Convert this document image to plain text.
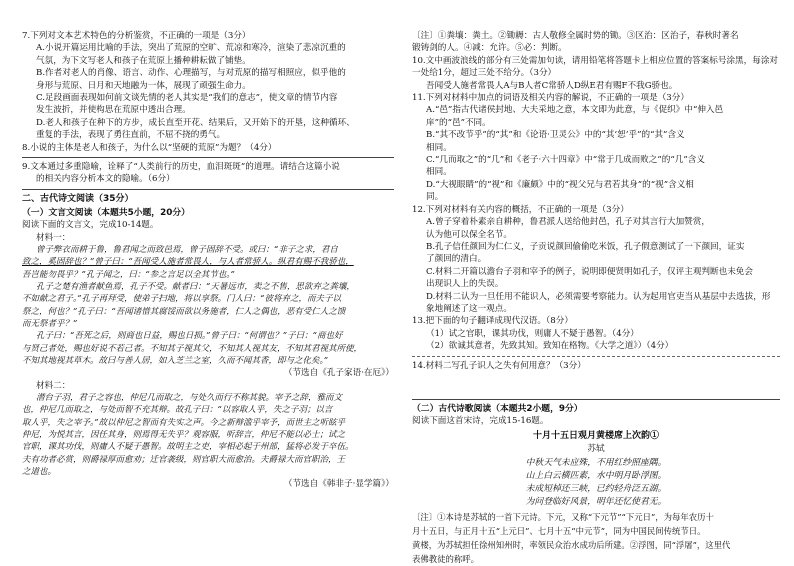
7.下列对文本艺术特色的分析鉴赏，不正确的一项是（3分）

A.小说开篇运用比喻的手法，突出了荒原的空旷、荒凉和寒冷，渲染了悲凉沉重的

气氛，为下文写老人和孩子在荒原上播种耕耘做了铺垫。

B.作者对老人的肖像、语言、动作、心理描写，与对荒原的描写相照应，似乎他的

身形与荒原、日月和天地融为一体，展现了顽强生命力。

C.足段画面表现如何前文谈先情的老人其实是“我们的意志”，使文章的情节内容

发生波折，并使构思在荒原中透出合理。

D.老人和孩子在种下的方步，成长直至开花、结果后，又开始下的开垦，这种循环、

重复的手法，表现了勇往直前，不屈不挠的勇气。

8.小说的主体是老人和孩子，为什么以“坚硬的荒原”为题？（4分）

9.文本通过多重隐喻，诠释了“人类前行的历史，血泪斑斑”的道理。请结合这篇小说

的相关内容分析本文的隐喻。（6分）

二、古代诗文阅读（35分）

（一）文言文阅读（本题共5小题，20分）

阅读下面的文言文，完成10-14题。

材料一：

曾子弊衣而耕于鲁，鲁君闻之而致邑焉，曾子固辞不受。或曰：“非子之求，君自

致之，奚固辞也？”曾子曰：“吾闻受人施者常畏人，与人者常骄人。纵君有赐不我骄也，

吾岂能勿畏乎？”孔子闻之，曰：“参之言足以全其节也。”

孔子之楚有渔者献鱼焉，孔子不受。献者曰：“天暑远市，卖之不售，思欲弃之粪壤，

不如献之君子。”孔子再拜受，使弟子扫地，将以享祭。门人曰：“彼将弃之，而夫子以

祭之，何也？”孔子曰：“吾闻诸惜其腐馁而欲以务施者，仁人之偶也，恶有受仁人之馈

而无祭者乎？”

孔子曰：“吾死之后，则商也日益，赐也日损。”曾子曰：“何谓也？”子曰：“商也好

与贤己者处，赐也好说不若己者。不知其子视其父，不知其人视其友，不知其君视其所使，

不知其地视其草木。故曰与善人居，如入芝兰之室，久而不闻其香，即与之化矣。”

（节选自《孔子家语·在厄》）

材料二：

潜台子羽，君子之容也，仲尼几而取之，与处久而行不称其貌。宰予之辞，雅而文

也，仲尼几而取之，与处而智不充其辩。故孔子曰：“以容取人乎，失之子羽；以言

取人乎，失之宰予。”故以仲尼之智而有失实之声。今之新辩滥乎宰予，而世主之听眩乎

仲尼，为悦其言，因任其身，则焉得无失乎？观容服，听辞言，仲尼不能以必士；试之

官职，课其功伐，则庸人不疑于愚智。故明主之吏，宰相必起于州部，猛将必发于卒伍。

夫有功者必赏，则爵禄厚而愈劝；迁官袭级，则官职大而愈治。夫爵禄大而官职治，王

之道也。

（节选自《韩非子·显学篇》）

〔注〕①粪壤：粪土。②锄耨：古人敬修全属时势的锄。③区治：区治子，春秋时著名

锻铸剑的人。④减：允许。⑤必：判断。

10.文中画波浪线的部分有三处需加句读，请用铅笔将答题卡上相应位置的答案标号涂黑，每涂对

一处给1分，超过三处不给分。（3分）

吾闻受人施者常畏人A与B人者C常骄人D纵E君有赐F不我G骄也。

11.下列对材料中加点的词语及相关内容的解说，不正确的一项是（3分）

A.“邑”指古代诸侯封地、大夫采地之意，本文即为此意，与《促织》中“伸入邑

庠”的“邑”不同。

B.“其不改节乎”的“其”和《论语·卫灵公》中的“其‘恕’乎”的“其”含义

相同。

C.“几而取之”的“几”和《老子·六十四章》中“常于几成而败之”的“几”含义

相同。

D.“大视眼睛”的“视”和《廉颇》中的“视父兄与君若其身”的“视”含义相

同。

12.下列对材料有关内容的概括，不正确的一项是（3分）

A.曾子穿着朴素亲自耕种，鲁君派人送给他封邑，孔子对其言行大加赞赏，

认为他可以保全名节。

B.孔子信任颜回为仁仁义，子贡说颜回偷偷吃米饭，孔子假意测试了一下颜回，证实

了颜回的清白。

C.材料二开篇以澹台子羽和宰予的例子，说明即便贤明如孔子，仅评主观判断也未免会

出现识人上的失误。

D.材料二认为一旦任用不能识人，必须需要考察能力。认为起用官吏当从基层中去选拔，形

象地阐述了这一观点。

13.把下面的句子翻译成现代汉语。（8分）

（1）试之官职，课其功伐，则庸人不疑于愚智。（4分）

（2）欲诚其意者，先致其知。致知在格物。《大学之道》）（4分）

14.材料二写孔子识人之失有何用意？（3分）

（二）古代诗歌阅读（本题共2小题，9分）

阅读下面这首宋诗，完成15-16题。

十月十五日观月黄楼席上次韵①

苏轼

中秋天气未应殊，不用红纱照座隅。

山上白云横匹素，水中明月卧浮图。

未成短棹还三峡，已约轻舟泛五湖。

为问登临好风景，明年还忆使君无。

〔注〕①本诗是苏轼的一首下元诗。下元，又称“下元节”“下元日”，为每年农历十

月十五日，与正月十五“上元日”、七月十五“中元节”，同为中国民间传统节日。

黄楼，为苏轼担任徐州知州时，率领民众治水成功后所建。②浮图，同“浮屠”，这里代

表佛教徒的称呼。
